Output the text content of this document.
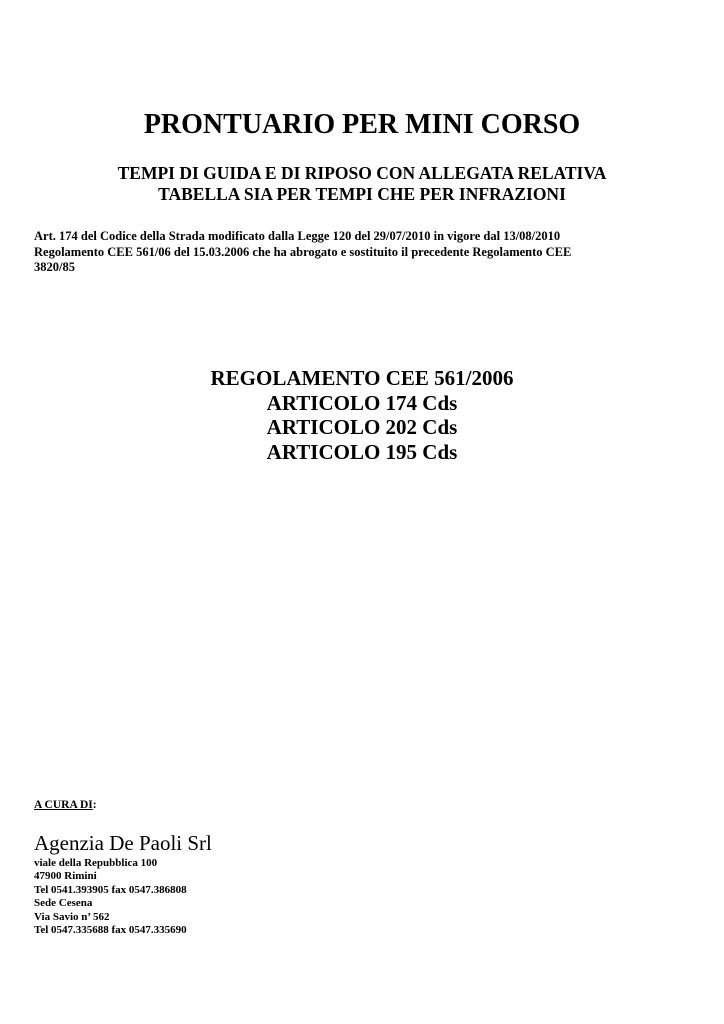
PRONTUARIO PER MINI CORSO
TEMPI DI GUIDA E DI RIPOSO CON ALLEGATA RELATIVA
TABELLA SIA PER TEMPI CHE PER INFRAZIONI
Art. 174 del Codice della Strada modificato dalla Legge 120 del 29/07/2010 in vigore dal 13/08/2010
Regolamento CEE 561/06 del 15.03.2006 che ha abrogato e sostituito il precedente Regolamento CEE
3820/85
REGOLAMENTO CEE 561/2006
ARTICOLO 174 Cds
ARTICOLO 202 Cds
ARTICOLO 195 Cds
A CURA DI:
Agenzia De Paoli Srl
viale della Repubblica 100
47900 Rimini
Tel 0541.393905 fax 0547.386808
Sede Cesena
Via Savio n’ 562
Tel 0547.335688 fax 0547.335690
